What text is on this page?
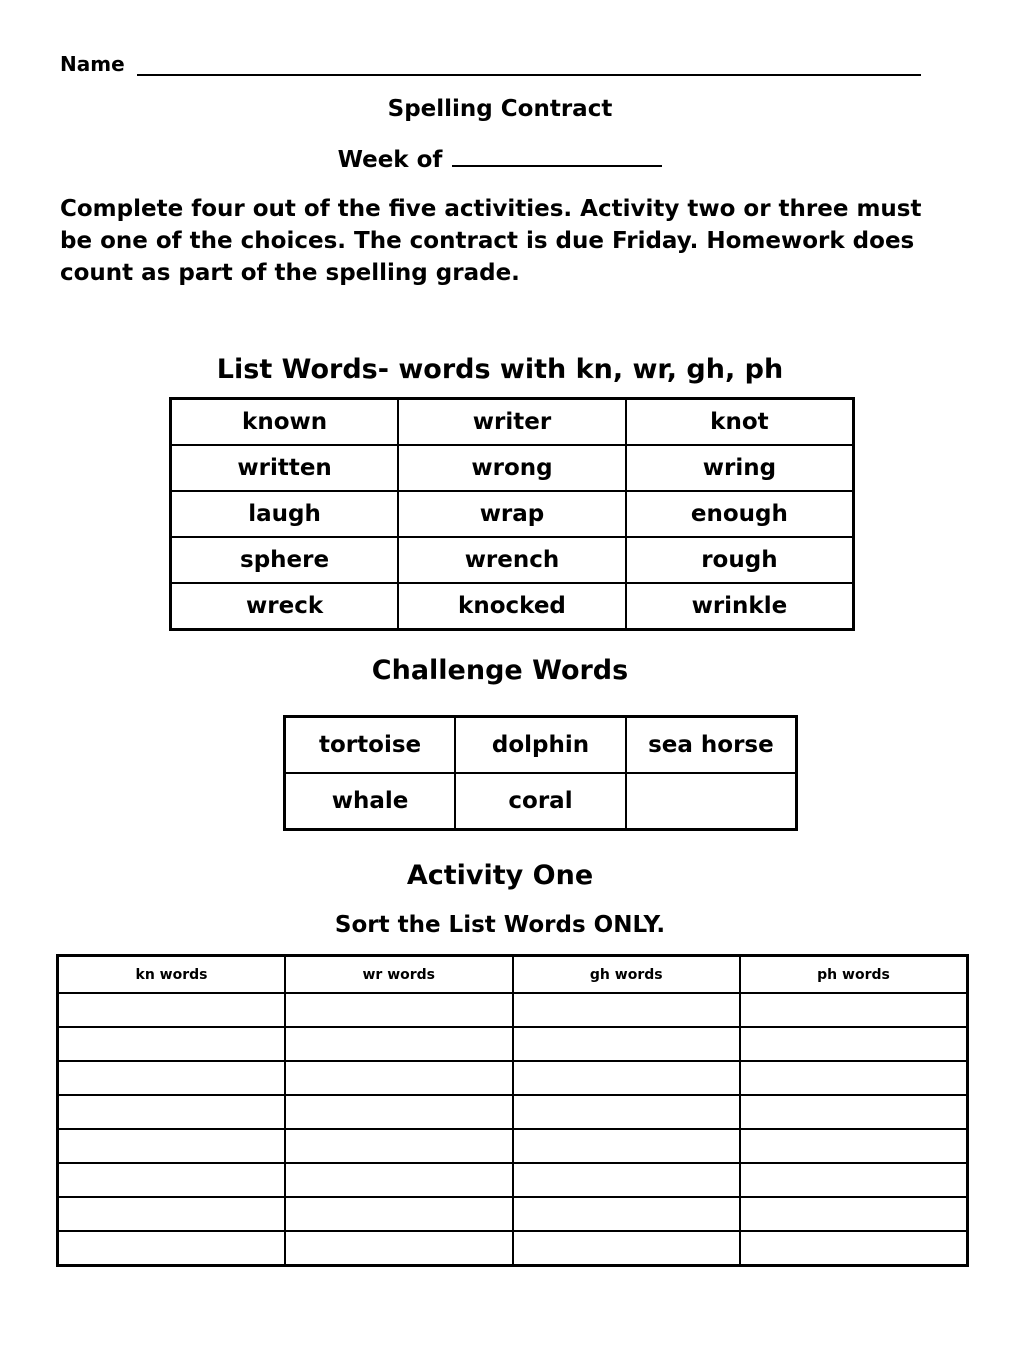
Name
Spelling Contract
Week of
Complete four out of the five activities. Activity two or three must be one of the choices. The contract is due Friday. Homework does count as part of the spelling grade.
List Words- words with kn, wr, gh, ph
known	writer	knot
written	wrong	wring
laugh	wrap	enough
sphere	wrench	rough
wreck	knocked	wrinkle
Challenge Words
tortoise	dolphin	sea horse
whale	coral	
Activity One
Sort the List Words ONLY.
kn words	wr words	gh words	ph words
